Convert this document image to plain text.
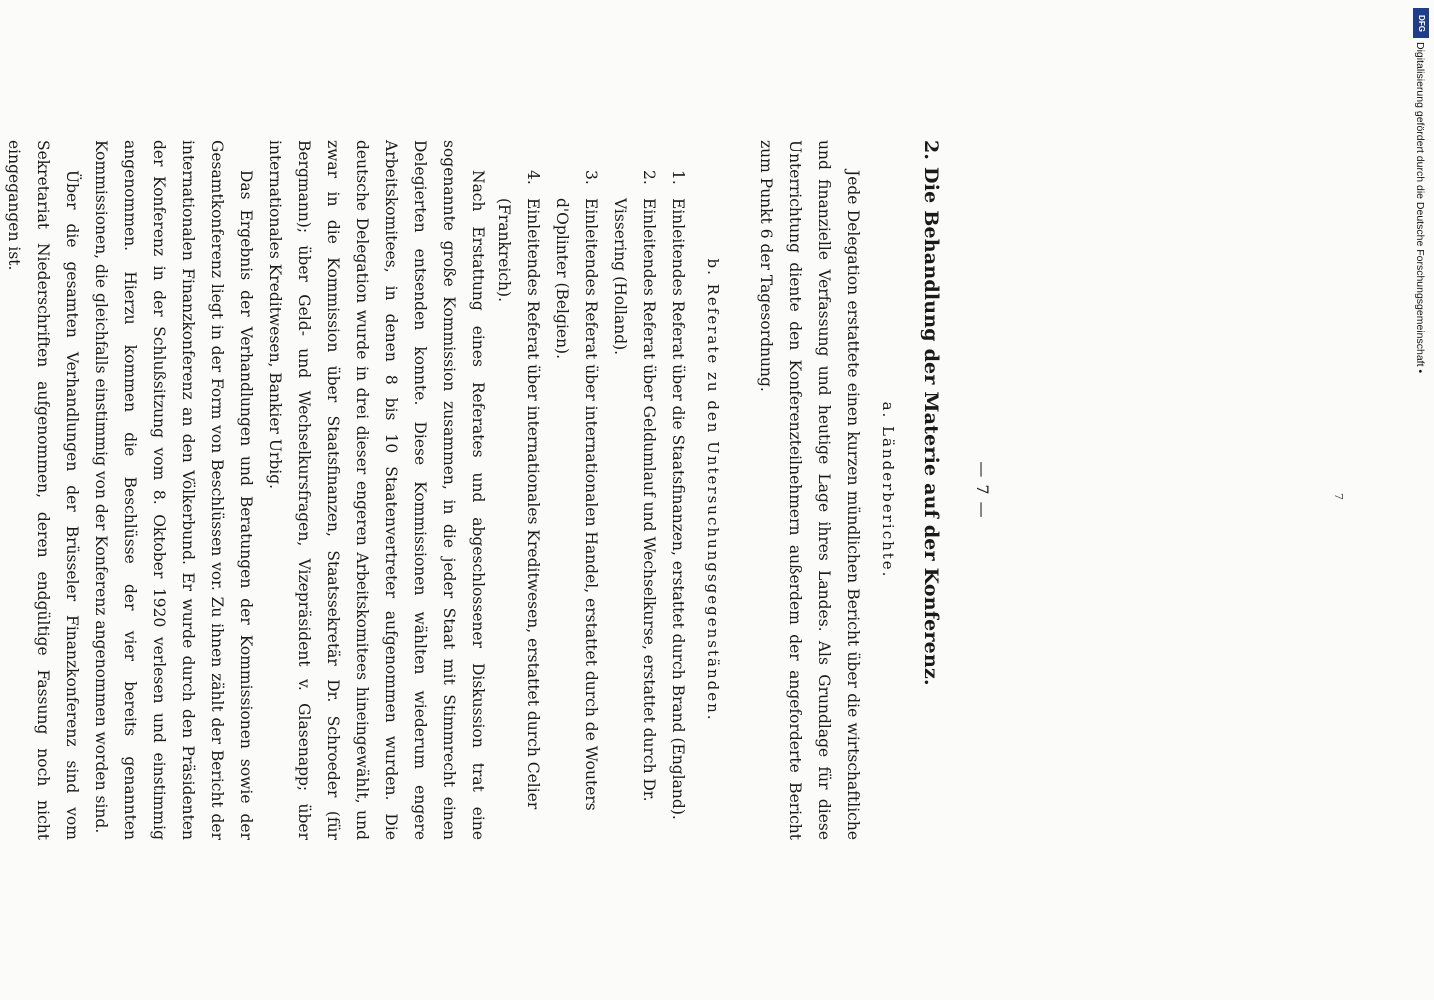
— 7 —
2. Die Behandlung der Materie auf der Konferenz.
a. Länderberichte.

Jede Delegation erstattete einen kurzen mündlichen Bericht über die wirtschaftliche und finanzielle Verfassung und heutige Lage ihres Landes. Als Grundlage für diese Unterrichtung diente den Konferenzteilnehmern außerdem der angeforderte Bericht zum Punkt 6 der Tagesordnung.

b. Referate zu den Untersuchungsgegenständen.
1.
Einleitendes Referat über die Staatsfinanzen, erstattet durch Brand (England).
2.
Einleitendes Referat über Geldumlauf und Wechselkurse, erstattet durch Dr. Vissering (Holland).
3.
Einleitendes Referat über internationalen Handel, erstattet durch de Wouters d'Oplinter (Belgien).
4.
Einleitendes Referat über internationales Kreditwesen, erstattet durch Celier (Frankreich).

Nach Erstattung eines Referates und abgeschlossener Diskussion trat eine sogenannte große Kommission zusammen, in die jeder Staat mit Stimmrecht einen Delegierten entsenden konnte. Diese Kommissionen wählten wiederum engere Arbeitskomitees, in denen 8 bis 10 Staatenvertreter aufgenommen wurden. Die deutsche Delegation wurde in drei dieser engeren Arbeitskomitees hineingewählt, und zwar in die Kommission über Staatsfinanzen, Staatssekretär Dr. Schroeder (für Bergmann); über Geld- und Wechselkursfragen, Vizepräsident v. Glasenapp; über internationales Kreditwesen, Bankier Urbig.

Das Ergebnis der Verhandlungen und Beratungen der Kommissionen sowie der Gesamtkonferenz liegt in der Form von Beschlüssen vor. Zu ihnen zählt der Bericht der internationalen Finanzkonferenz an den Völkerbund. Er wurde durch den Präsidenten der Konferenz in der Schlußsitzung vom 8. Oktober 1920 verlesen und einstimmig angenommen. Hierzu kommen die Beschlüsse der vier bereits genannten Kommissionen, die gleichfalls einstimmig von der Konferenz angenommen worden sind.

Über die gesamten Verhandlungen der Brüsseler Finanzkonferenz sind vom Sekretariat Niederschriften aufgenommen, deren endgültige Fassung noch nicht eingegangen ist.

7
DFG
Digitalisierung gefördert durch die Deutsche Forschungsgemeinschaft •
